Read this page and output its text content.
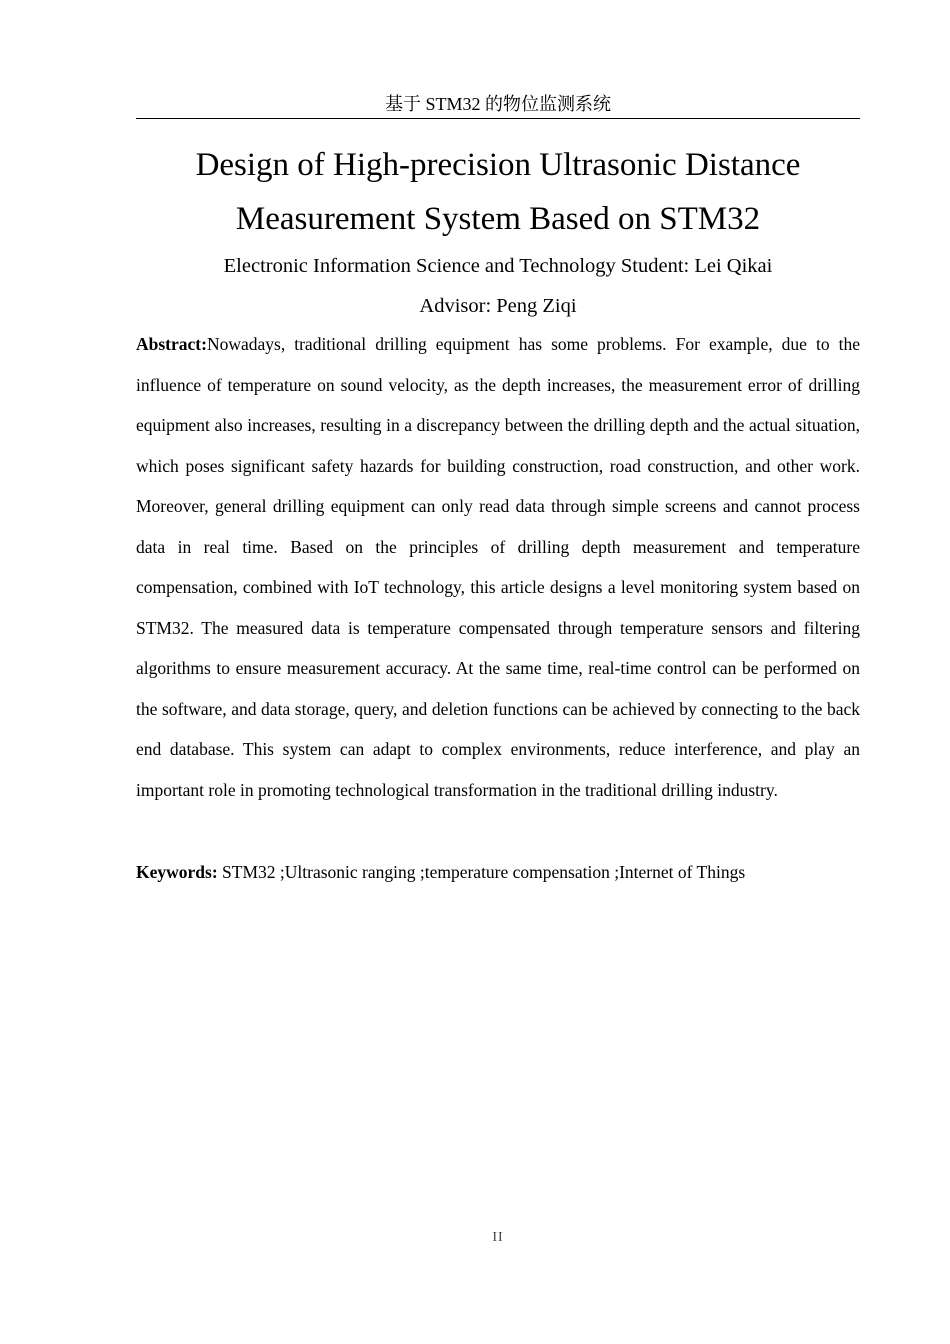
基于 STM32 的物位监测系统
Design of High-precision Ultrasonic Distance
Measurement System Based on STM32

Electronic Information Science and Technology Student: Lei Qikai

Advisor: Peng Ziqi

Abstract:Nowadays, traditional drilling equipment has some problems. For example, due to the influence of temperature on sound velocity, as the depth increases, the measurement error of drilling equipment also increases, resulting in a discrepancy between the drilling depth and the actual situation, which poses significant safety hazards for building construction, road construction, and other work. Moreover, general drilling equipment can only read data through simple screens and cannot process data in real time. Based on the principles of drilling depth measurement and temperature compensation, combined with IoT technology, this article designs a level monitoring system based on STM32. The measured data is temperature compensated through temperature sensors and filtering algorithms to ensure measurement accuracy. At the same time, real-time control can be performed on the software, and data storage, query, and deletion functions can be achieved by connecting to the back end database. This system can adapt to complex environments, reduce interference, and play an important role in promoting technological transformation in the traditional drilling industry.

Keywords: STM32 ;Ultrasonic ranging ;temperature compensation ;Internet of Things

II
